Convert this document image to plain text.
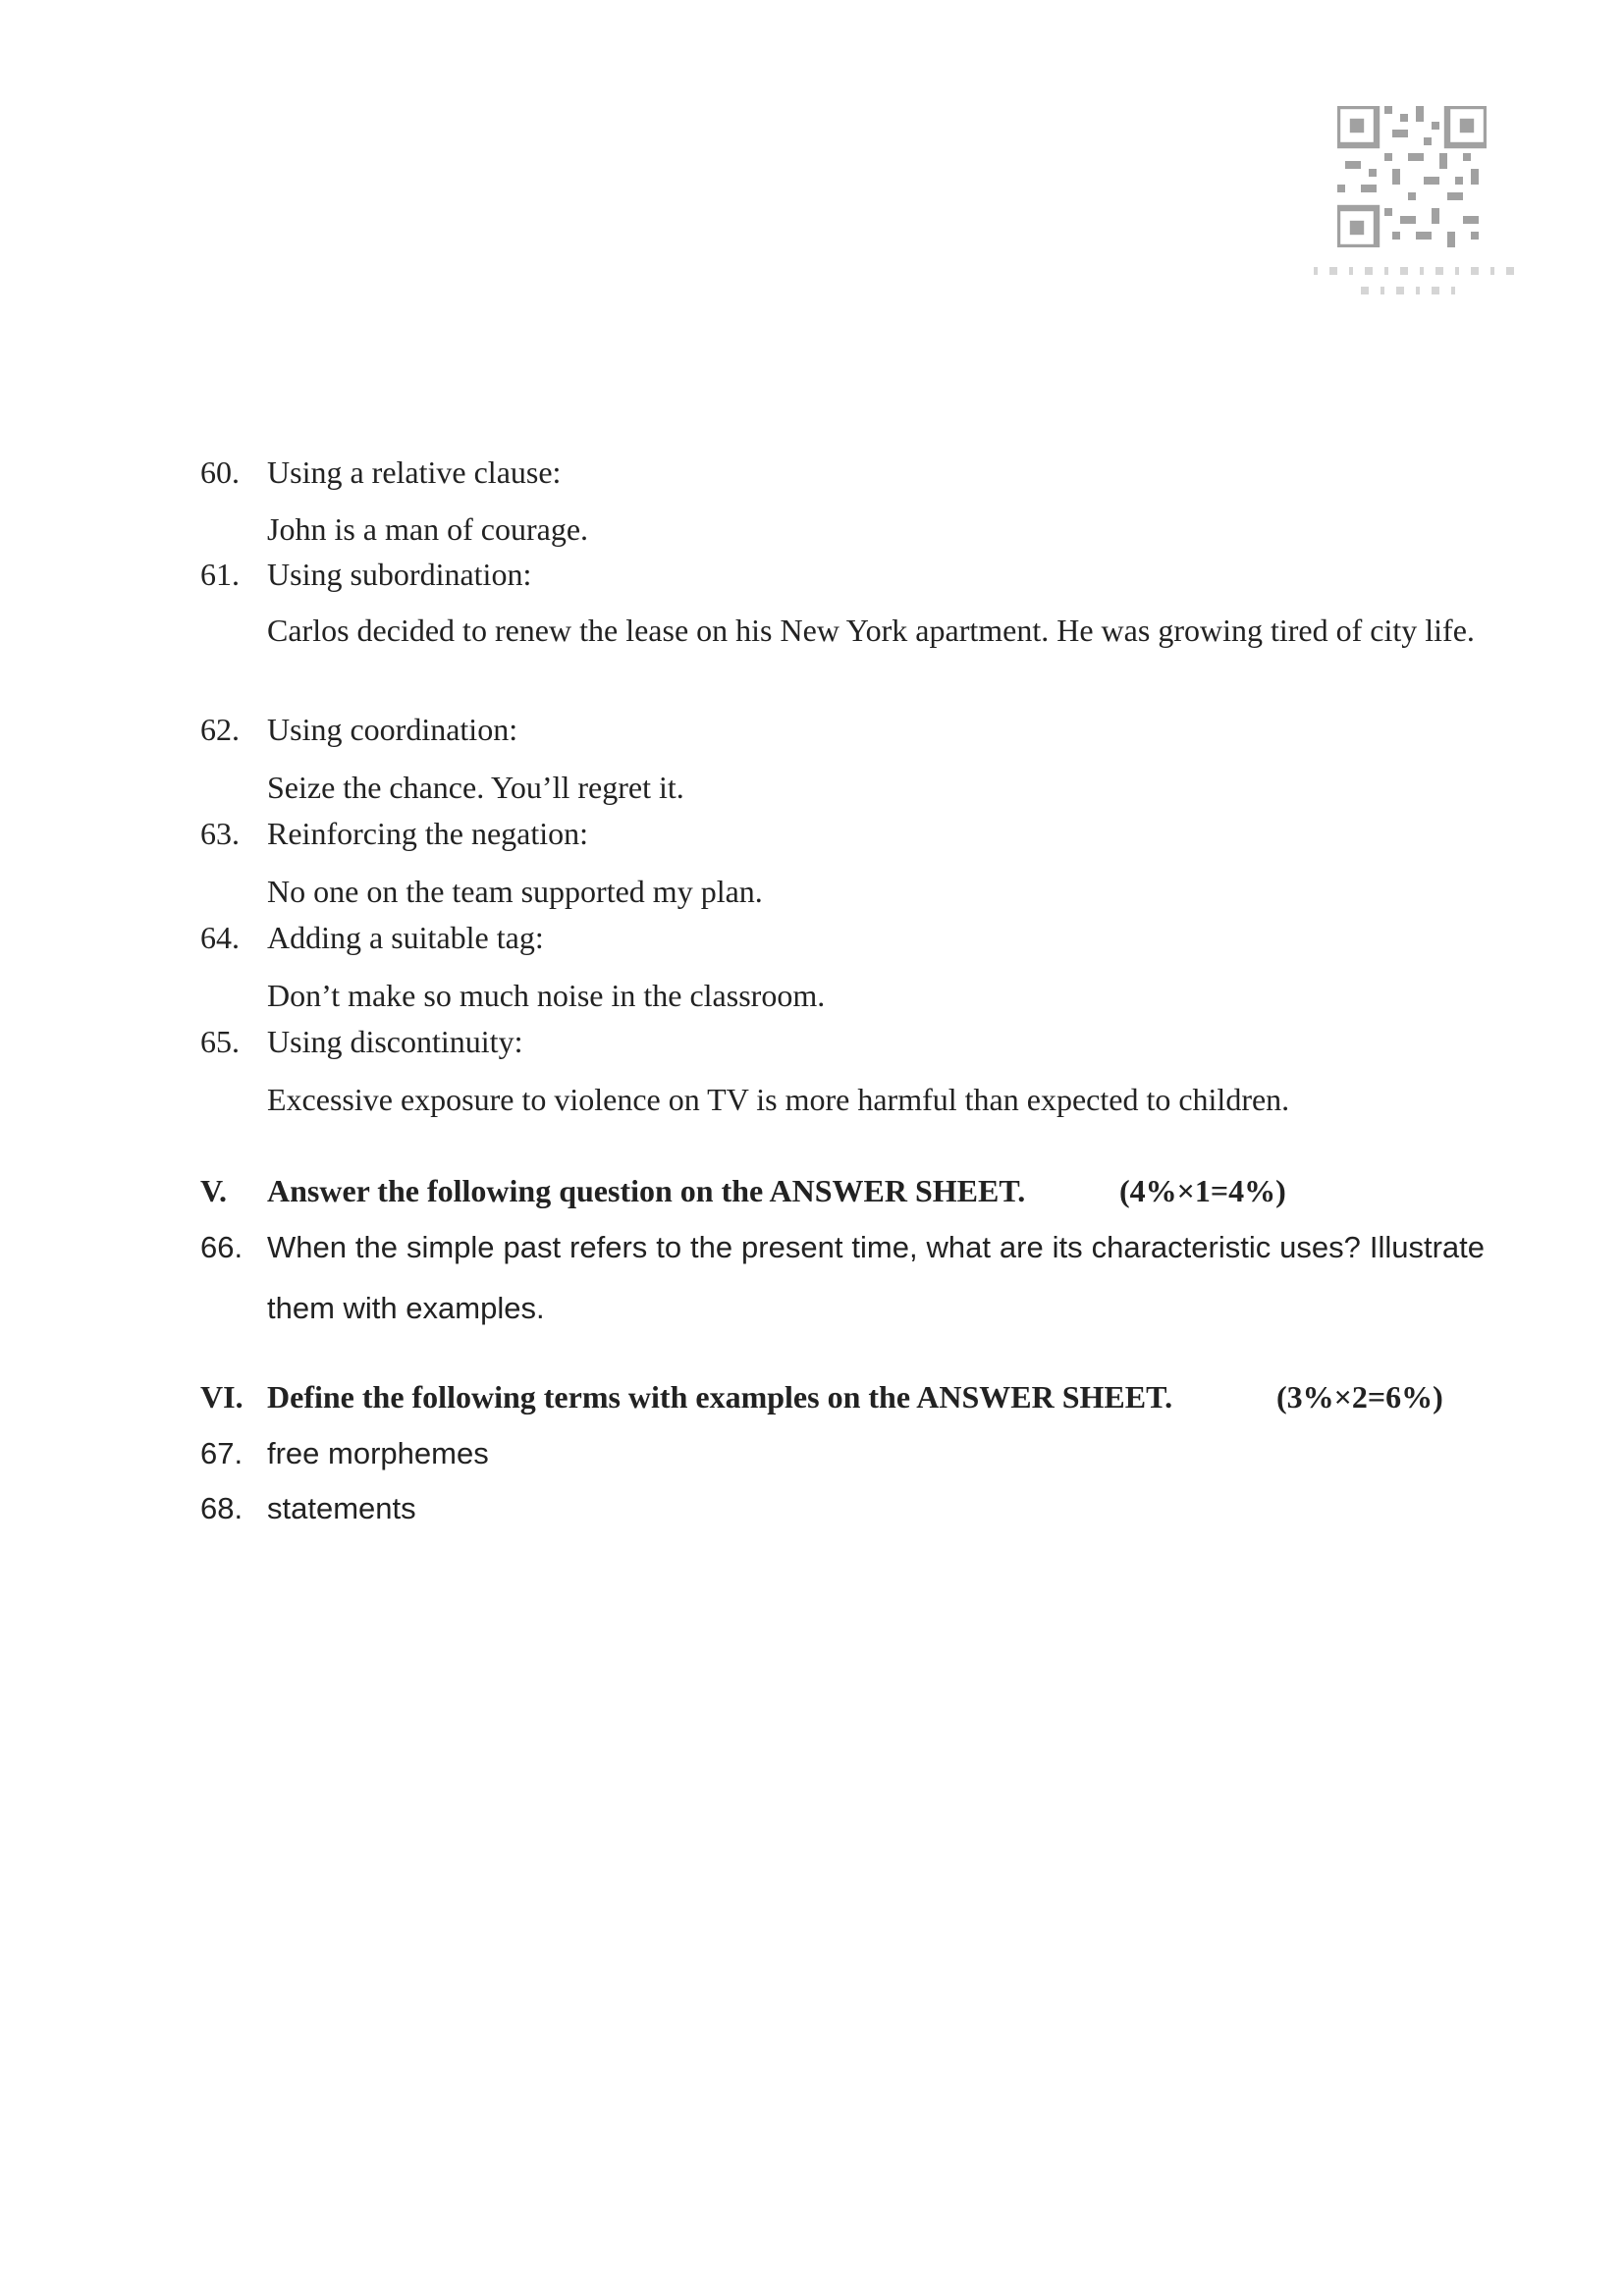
60. Using a relative clause:
John is a man of courage.
61. Using subordination:
Carlos decided to renew the lease on his New York apartment. He was growing tired of city life.
62. Using coordination:
Seize the chance. You’ll regret it.
63. Reinforcing the negation:
No one on the team supported my plan.
64. Adding a suitable tag:
Don’t make so much noise in the classroom.
65. Using discontinuity:
Excessive exposure to violence on TV is more harmful than expected to children.
V. Answer the following question on the ANSWER SHEET.	(4%×1=4%)
66. When the simple past refers to the present time, what are its characteristic uses? Illustrate
them with examples.
VI. Define the following terms with examples on the ANSWER SHEET.	(3%×2=6%)
67. free morphemes
68. statements
